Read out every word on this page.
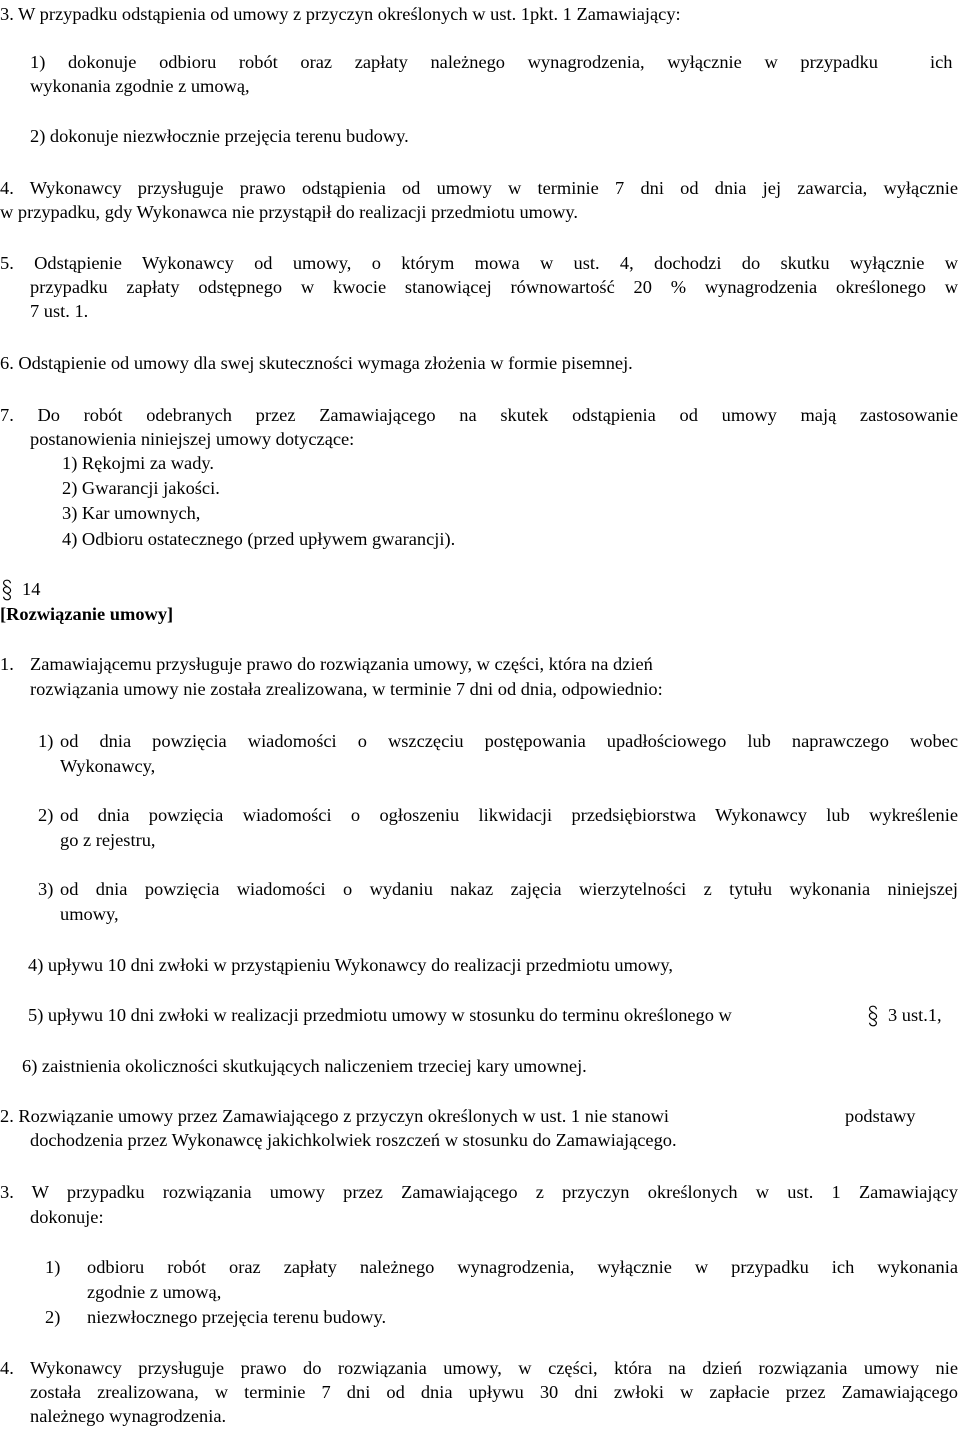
3. W przypadku odstąpienia od umowy z przyczyn określonych w ust. 1pkt. 1 Zamawiający:
1) dokonuje odbioru robót oraz zapłaty należnego wynagrodzenia, wyłącznie w przypadku	ich
wykonania zgodnie z umową,
2) dokonuje niezwłocznie przejęcia terenu budowy.
4. Wykonawcy przysługuje prawo odstąpienia od umowy w terminie 7 dni od dnia jej zawarcia, wyłącznie
w przypadku, gdy Wykonawca nie przystąpił do realizacji przedmiotu umowy.
5. Odstąpienie Wykonawcy od umowy, o którym mowa w ust. 4, dochodzi do skutku wyłącznie w
przypadku zapłaty odstępnego w kwocie stanowiącej równowartość 20 % wynagrodzenia określonego w
7 ust. 1.
6. Odstąpienie od umowy dla swej skuteczności wymaga złożenia w formie pisemnej.
7. Do robót odebranych przez Zamawiającego na skutek odstąpienia od umowy mają zastosowanie
postanowienia niniejszej umowy dotyczące:
1) Rękojmi za wady.
2) Gwarancji jakości.
3) Kar umownych,
4) Odbioru ostatecznego (przed upływem gwarancji).
14
[Rozwiązanie umowy]
1. Zamawiającemu przysługuje prawo do rozwiązania umowy, w części, która na dzień
rozwiązania umowy nie została zrealizowana, w terminie 7 dni od dnia, odpowiednio:
1) od dnia powzięcia wiadomości o wszczęciu postępowania upadłościowego lub naprawczego wobec
Wykonawcy,
2) od dnia powzięcia wiadomości o ogłoszeniu likwidacji przedsiębiorstwa Wykonawcy lub wykreślenie
go z rejestru,
3) od dnia powzięcia wiadomości o wydaniu nakaz zajęcia wierzytelności z tytułu wykonania niniejszej
umowy,
4) upływu 10 dni zwłoki w przystąpieniu Wykonawcy do realizacji przedmiotu umowy,
5) upływu 10 dni zwłoki w realizacji przedmiotu umowy w stosunku do terminu określonego w	3 ust.1,
6) zaistnienia okoliczności skutkujących naliczeniem trzeciej kary umownej.
2. Rozwiązanie umowy przez Zamawiającego z przyczyn określonych w ust. 1 nie stanowi	podstawy
dochodzenia przez Wykonawcę jakichkolwiek roszczeń w stosunku do Zamawiającego.
3. W przypadku rozwiązania umowy przez Zamawiającego z przyczyn określonych w ust. 1 Zamawiający
dokonuje:
1) odbioru robót oraz zapłaty należnego wynagrodzenia, wyłącznie w przypadku ich wykonania
zgodnie z umową,
2) niezwłocznego przejęcia terenu budowy.
4. Wykonawcy przysługuje prawo do rozwiązania umowy, w części, która na dzień rozwiązania umowy nie
została zrealizowana, w terminie 7 dni od dnia upływu 30 dni zwłoki w zapłacie przez Zamawiającego
należnego wynagrodzenia.
